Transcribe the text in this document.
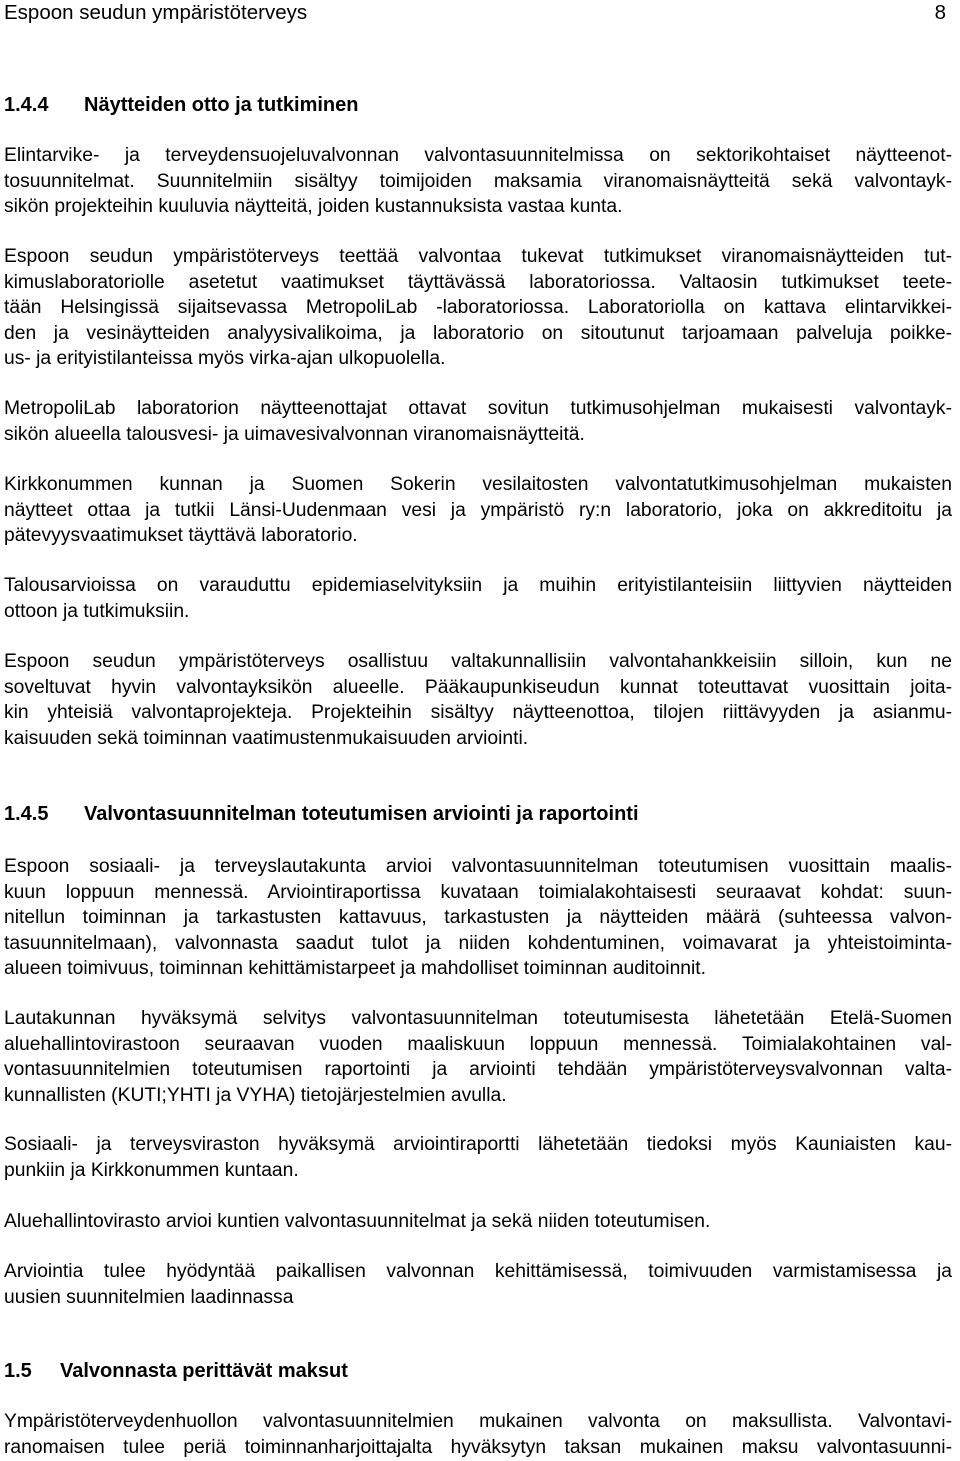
Espoon seudun ympäristöterveys	8
1.4.4 Näytteiden otto ja tutkiminen
Elintarvike- ja terveydensuojeluvalvonnan valvontasuunnitelmissa on sektorikohtaiset näytteenot-
tosuunnitelmat. Suunnitelmiin sisältyy toimijoiden maksamia viranomaisnäytteitä sekä valvontayk-
sikön projekteihin kuuluvia näytteitä, joiden kustannuksista vastaa kunta.
Espoon seudun ympäristöterveys teettää valvontaa tukevat tutkimukset viranomaisnäytteiden tut-
kimuslaboratoriolle asetetut vaatimukset täyttävässä laboratoriossa. Valtaosin tutkimukset teete-
tään Helsingissä sijaitsevassa MetropoliLab -laboratoriossa. Laboratoriolla on kattava elintarvikkei-
den ja vesinäytteiden analyysivalikoima, ja laboratorio on sitoutunut tarjoamaan palveluja poikke-
us- ja erityistilanteissa myös virka-ajan ulkopuolella.
MetropoliLab laboratorion näytteenottajat ottavat sovitun tutkimusohjelman mukaisesti valvontayk-
sikön alueella talousvesi- ja uimavesivalvonnan viranomaisnäytteitä.
Kirkkonummen kunnan ja Suomen Sokerin vesilaitosten valvontatutkimusohjelman mukaisten
näytteet ottaa ja tutkii Länsi-Uudenmaan vesi ja ympäristö ry:n laboratorio, joka on akkreditoitu ja
pätevyysvaatimukset täyttävä laboratorio.
Talousarvioissa on varauduttu epidemiaselvityksiin ja muihin erityistilanteisiin liittyvien näytteiden
ottoon ja tutkimuksiin.
Espoon seudun ympäristöterveys osallistuu valtakunnallisiin valvontahankkeisiin silloin, kun ne
soveltuvat hyvin valvontayksikön alueelle. Pääkaupunkiseudun kunnat toteuttavat vuosittain joita-
kin yhteisiä valvontaprojekteja. Projekteihin sisältyy näytteenottoa, tilojen riittävyyden ja asianmu-
kaisuuden sekä toiminnan vaatimustenmukaisuuden arviointi.
1.4.5 Valvontasuunnitelman toteutumisen arviointi ja raportointi
Espoon sosiaali- ja terveyslautakunta arvioi valvontasuunnitelman toteutumisen vuosittain maalis-
kuun loppuun mennessä. Arviointiraportissa kuvataan toimialakohtaisesti seuraavat kohdat: suun-
nitellun toiminnan ja tarkastusten kattavuus, tarkastusten ja näytteiden määrä (suhteessa valvon-
tasuunnitelmaan), valvonnasta saadut tulot ja niiden kohdentuminen, voimavarat ja yhteistoiminta-
alueen toimivuus, toiminnan kehittämistarpeet ja mahdolliset toiminnan auditoinnit.
Lautakunnan hyväksymä selvitys valvontasuunnitelman toteutumisesta lähetetään Etelä-Suomen
aluehallintovirastoon seuraavan vuoden maaliskuun loppuun mennessä. Toimialakohtainen val-
vontasuunnitelmien toteutumisen raportointi ja arviointi tehdään ympäristöterveysvalvonnan valta-
kunnallisten (KUTI;YHTI ja VYHA) tietojärjestelmien avulla.
Sosiaali- ja terveysviraston hyväksymä arviointiraportti lähetetään tiedoksi myös Kauniaisten kau-
punkiin ja Kirkkonummen kuntaan.
Aluehallintovirasto arvioi kuntien valvontasuunnitelmat ja sekä niiden toteutumisen.
Arviointia tulee hyödyntää paikallisen valvonnan kehittämisessä, toimivuuden varmistamisessa ja
uusien suunnitelmien laadinnassa
1.5 Valvonnasta perittävät maksut
Ympäristöterveydenhuollon valvontasuunnitelmien mukainen valvonta on maksullista. Valvontavi-
ranomaisen tulee periä toiminnanharjoittajalta hyväksytyn taksan mukainen maksu valvontasuunni-
